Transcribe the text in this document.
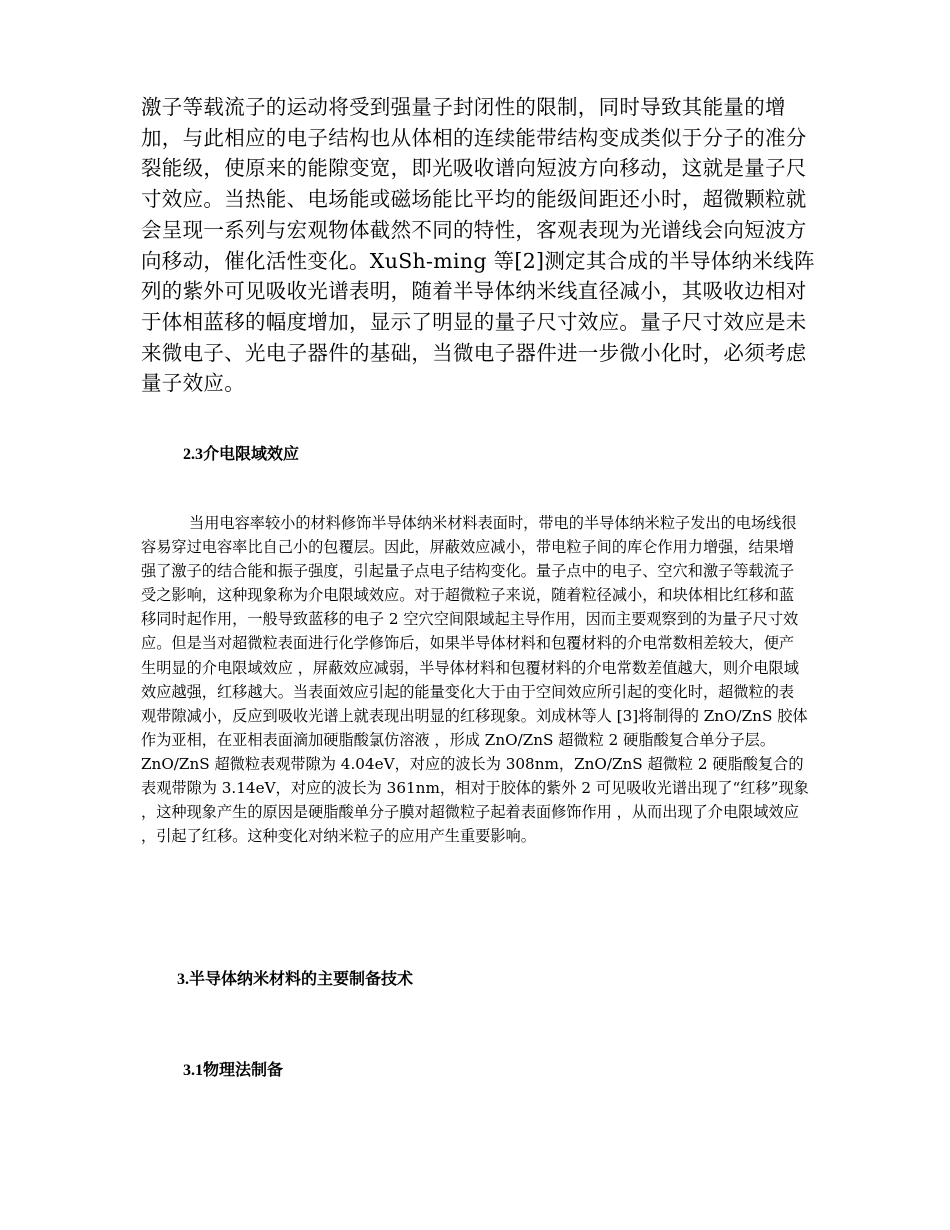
激子等载流子的运动将受到强量子封闭性的限制，同时导致其能量的增加，与此相应的电子结构也从体相的连续能带结构变成类似于分子的准分裂能级，使原来的能隙变宽，即光吸收谱向短波方向移动，这就是量子尺寸效应。当热能、电场能或磁场能比平均的能级间距还小时，超微颗粒就会呈现一系列与宏观物体截然不同的特性，客观表现为光谱线会向短波方向移动，催化活性变化。XuSh-ming 等[2]测定其合成的半导体纳米线阵列的紫外可见吸收光谱表明，随着半导体纳米线直径减小，其吸收边相对于体相蓝移的幅度增加，显示了明显的量子尺寸效应。量子尺寸效应是未来微电子、光电子器件的基础，当微电子器件进一步微小化时，必须考虑量子效应。

2.3介电限域效应

当用电容率较小的材料修饰半导体纳米材料表面时，带电的半导体纳米粒子发出的电场线很容易穿过电容率比自己小的包覆层。因此，屏蔽效应减小，带电粒子间的库仑作用力增强，结果增强了激子的结合能和振子强度，引起量子点电子结构变化。量子点中的电子、空穴和激子等载流子受之影响，这种现象称为介电限域效应。对于超微粒子来说，随着粒径减小，和块体相比红移和蓝移同时起作用，一般导致蓝移的电子 2 空穴空间限域起主导作用，因而主要观察到的为量子尺寸效应。但是当对超微粒表面进行化学修饰后，如果半导体材料和包覆材料的介电常数相差较大，便产生明显的介电限域效应 ，屏蔽效应减弱，半导体材料和包覆材料的介电常数差值越大，则介电限域效应越强，红移越大。当表面效应引起的能量变化大于由于空间效应所引起的变化时，超微粒的表观带隙减小，反应到吸收光谱上就表现出明显的红移现象。刘成林等人 [3]将制得的 ZnO/ZnS 胶体作为亚相，在亚相表面滴加硬脂酸氯仿溶液 ，形成 ZnO/ZnS 超微粒 2 硬脂酸复合单分子层。 ZnO/ZnS 超微粒表观带隙为 4.04eV，对应的波长为 308nm，ZnO/ZnS 超微粒 2 硬脂酸复合的表观带隙为 3.14eV，对应的波长为 361nm，相对于胶体的紫外 2 可见吸收光谱出现了“红移”现象 ，这种现象产生的原因是硬脂酸单分子膜对超微粒子起着表面修饰作用 ，从而出现了介电限域效应 ，引起了红移。这种变化对纳米粒子的应用产生重要影响。

3.半导体纳米材料的主要制备技术
3.1物理法制备
